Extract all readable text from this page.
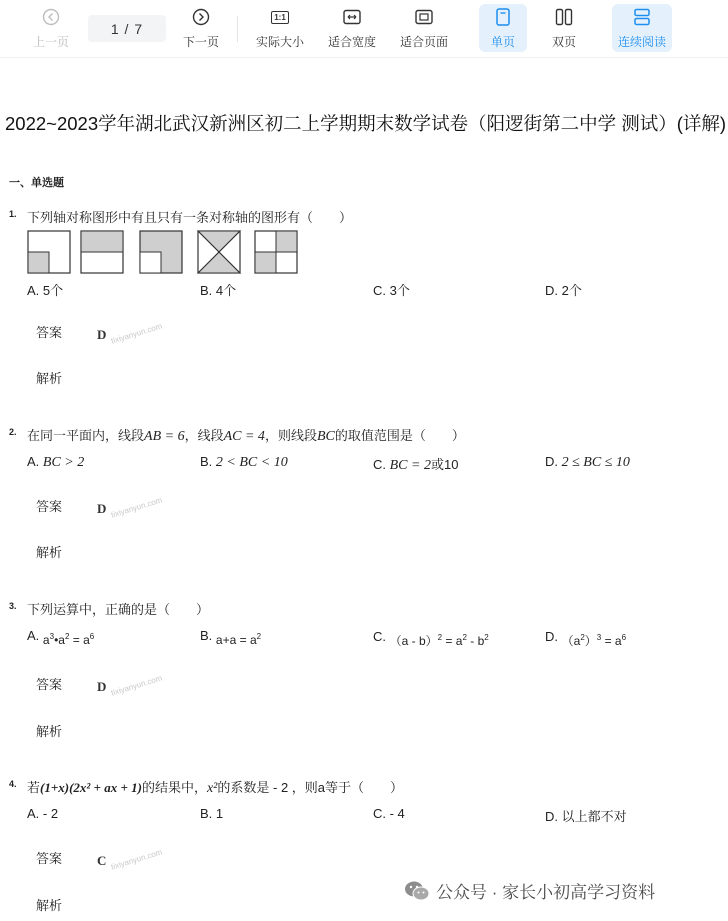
上一页
1 / 7
下一页
1:1
实际大小 适合宽度 适合页面	单页	双页	连续阅读
2022~2023学年湖北武汉新洲区初二上学期期末数学试卷（阳逻街第二中学 测试）(详解)
一、单选题
1. 下列轴对称图形中有且只有一条对称轴的图形有（　　）
A. 5个	B. 4个	C. 3个	D. 2个
答案	D tixiyanyun.com
解析
2. 在同一平面内，线段AB = 6，线段AC = 4，则线段BC的取值范围是（　　）
A. BC > 2	B. 2 < BC < 10	C. BC = 2或10	D. 2 ≤ BC ≤ 10
答案	D tixiyanyun.com
解析
3. 下列运算中，正确的是（　　）
A. $a^3•a^2 = a^6$	B. $a+a = a^2$	C. $(a - b)^2 = a^2 - b^2$	D. $(a^2)^3 = a^6$
答案	D tixiyanyun.com
解析
4. 若(1+x)(2x² + ax + 1)的结果中，x²的系数是 - 2 ，则a等于（　　）
A. - 2	B. 1	C. - 4	D. 以上都不对
答案	C tixiyanyun.com
解析
公众号 · 家长小初高学习资料
